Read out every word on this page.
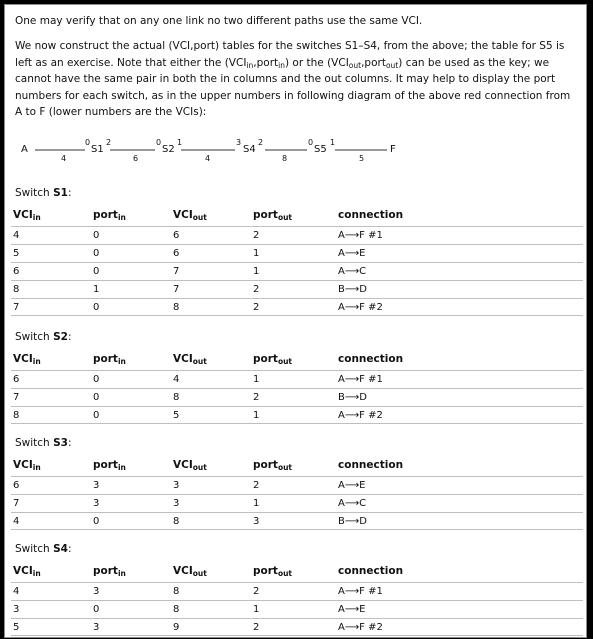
One may verify that on any one link no two different paths use the same VCI.

We now construct the actual (VCI,port) tables for the switches S1–S4, from the above; the table for S5 is left as an exercise. Note that either the $(VCI_{in},port_{in})$ or the $(VCI_{out},port_{out})$ can be used as the key; we cannot have the same pair in both the in columns and the out columns. It may help to display the port numbers for each switch, as in the upper numbers in following diagram of the above red connection from A to F (lower numbers are the VCIs):

A	F
0
S1
2	0
S2
1	3
S4
2	0
S5
1
4	6	4	8	5
Switch S1:
$VCI_{in}$	port$_{in}$	$VCI_{out}$	port$_{out}$	connection
4	0	6	2	A⟶F #1
5	0	6	1	A⟶E
6	0	7	1	A⟶C
8	1	7	2	B⟶D
7	0	8	2	A⟶F #2
Switch S2:
$VCI_{in}$	port$_{in}$	$VCI_{out}$	port$_{out}$	connection
6	0	4	1	A⟶F #1
7	0	8	2	B⟶D
8	0	5	1	A⟶F #2
Switch S3:
$VCI_{in}$	port$_{in}$	$VCI_{out}$	port$_{out}$	connection
6	3	3	2	A⟶E
7	3	3	1	A⟶C
4	0	8	3	B⟶D
Switch S4:
$VCI_{in}$	port$_{in}$	$VCI_{out}$	port$_{out}$	connection
4	3	8	2	A⟶F #1
3	0	8	1	A⟶E
5	3	9	2	A⟶F #2
